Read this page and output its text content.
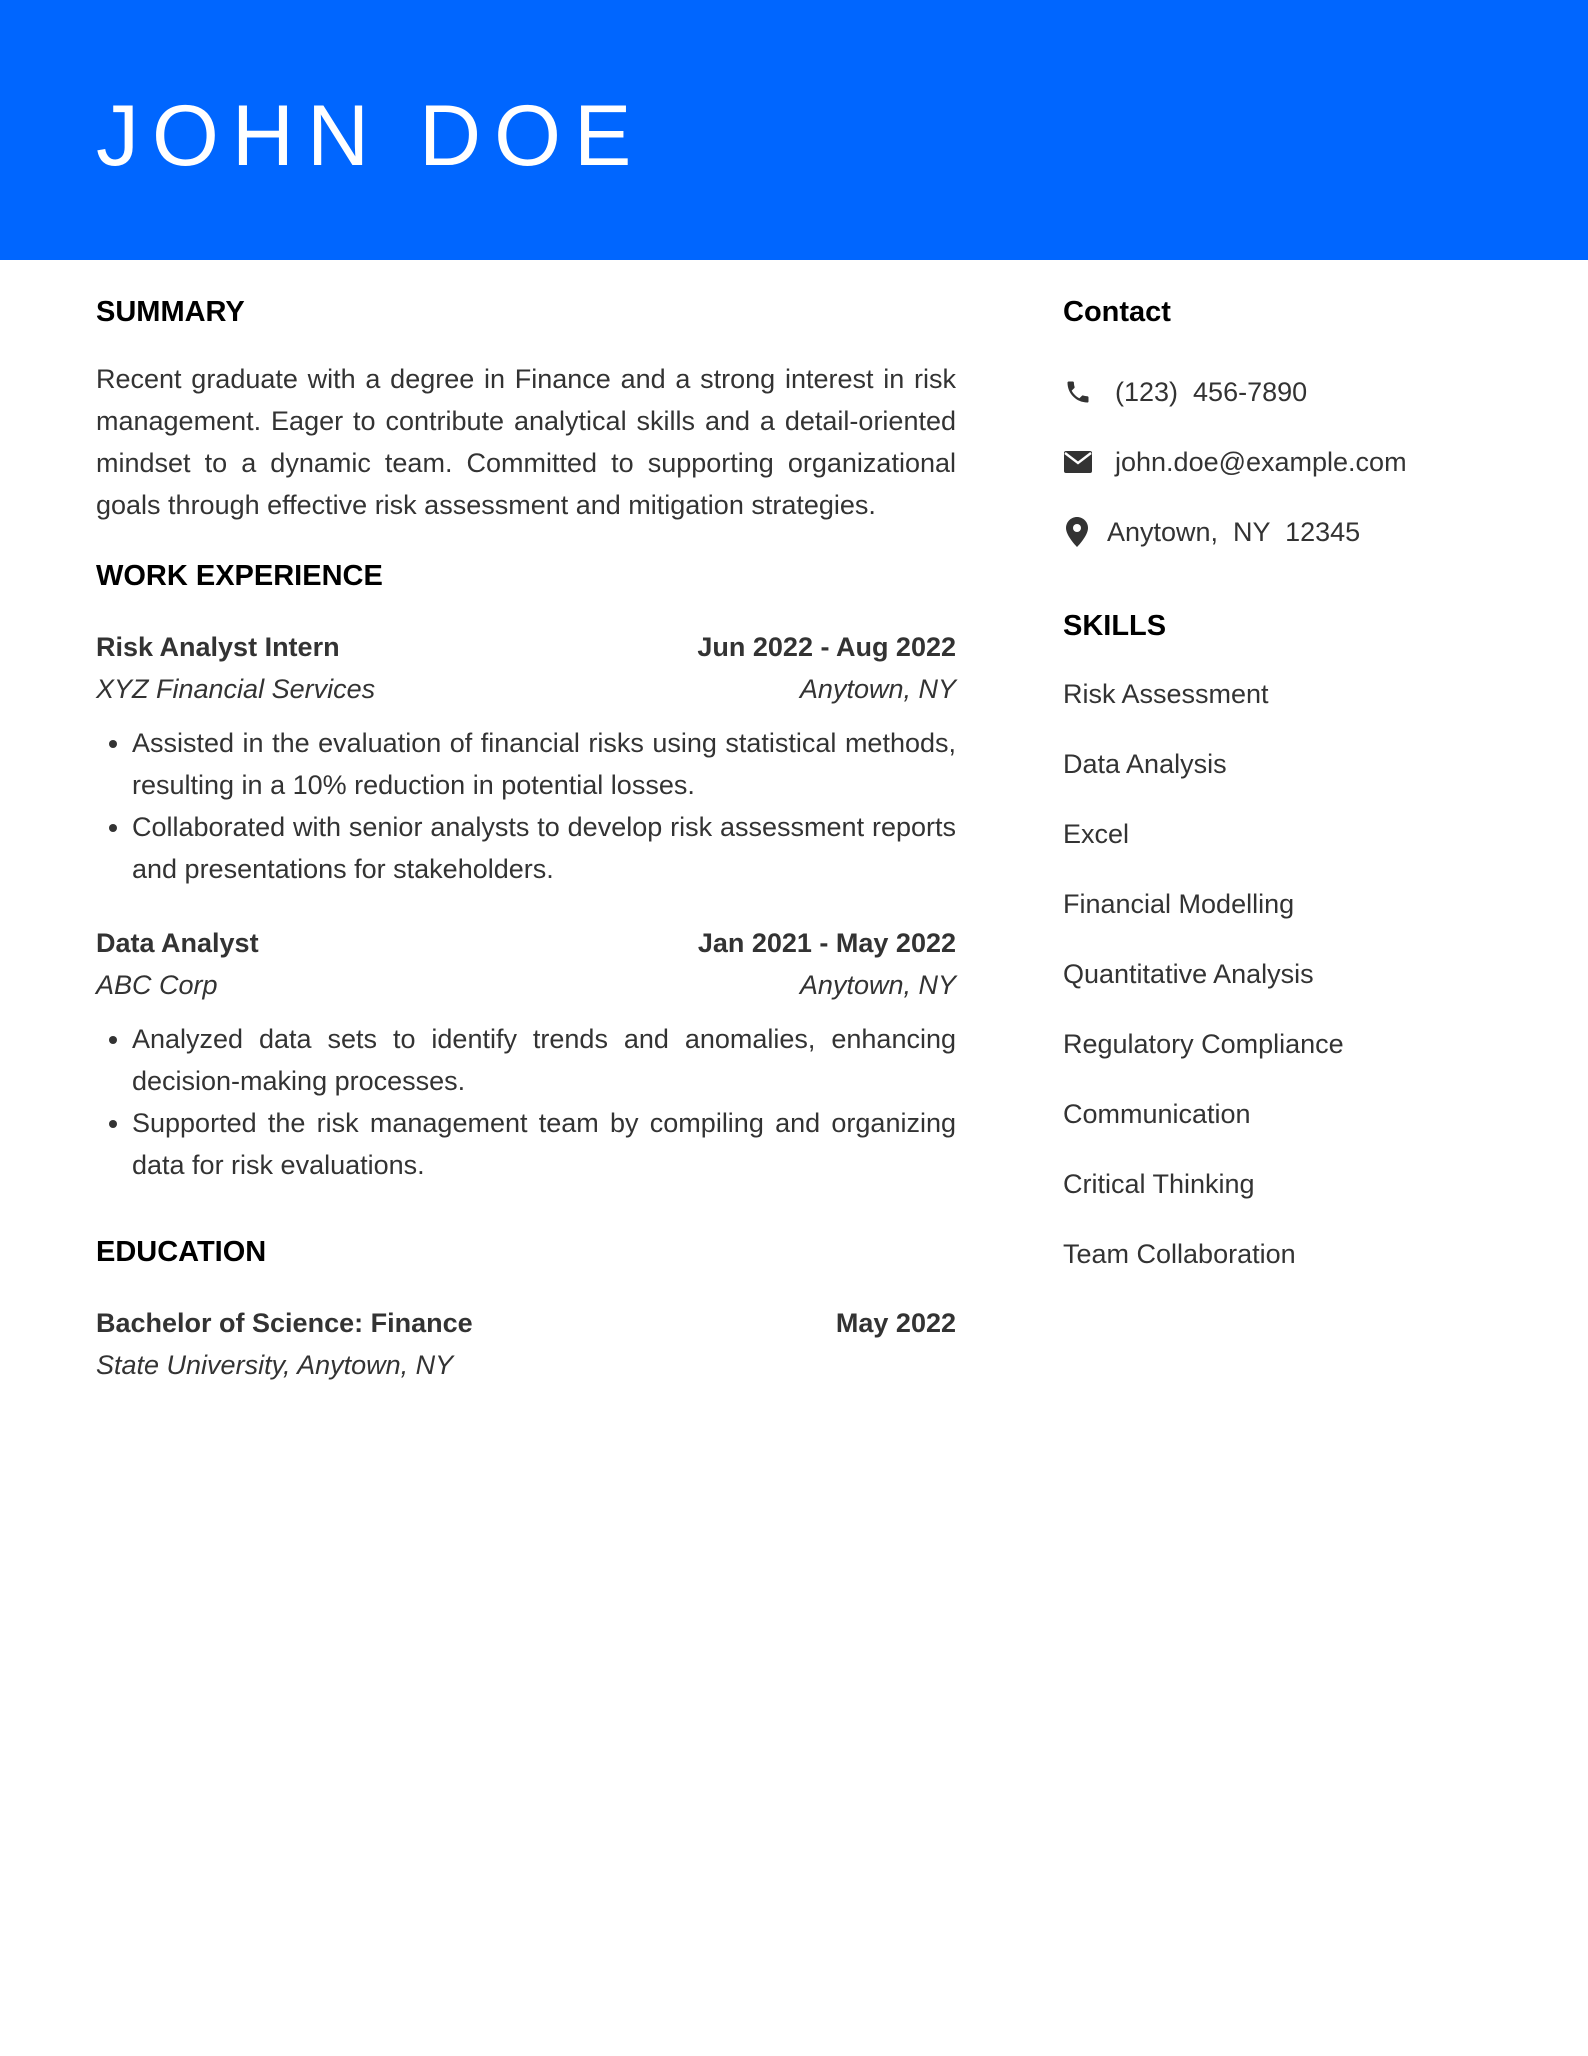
JOHN DOE
SUMMARY

Recent graduate with a degree in Finance and a strong interest in risk management. Eager to contribute analytical skills and a detail-oriented mindset to a dynamic team. Committed to supporting organizational goals through effective risk assessment and mitigation strategies.

WORK EXPERIENCE
Risk Analyst Intern	Jun 2022 - Aug 2022
XYZ Financial Services	Anytown, NY
• Assisted in the evaluation of financial risks using statistical methods, resulting in a 10% reduction in potential losses.
• Collaborated with senior analysts to develop risk assessment reports and presentations for stakeholders.
Data Analyst	Jan 2021 - May 2022
ABC Corp	Anytown, NY
• Analyzed data sets to identify trends and anomalies, enhancing decision-making processes.
• Supported the risk management team by compiling and organizing data for risk evaluations.
EDUCATION
Bachelor of Science: Finance	May 2022
State University, Anytown, NY
Contact
(123)  456-7890
john.doe@example.com
Anytown,  NY  12345
SKILLS
Risk Assessment
Data Analysis
Excel
Financial Modelling
Quantitative Analysis
Regulatory Compliance
Communication
Critical Thinking
Team Collaboration
